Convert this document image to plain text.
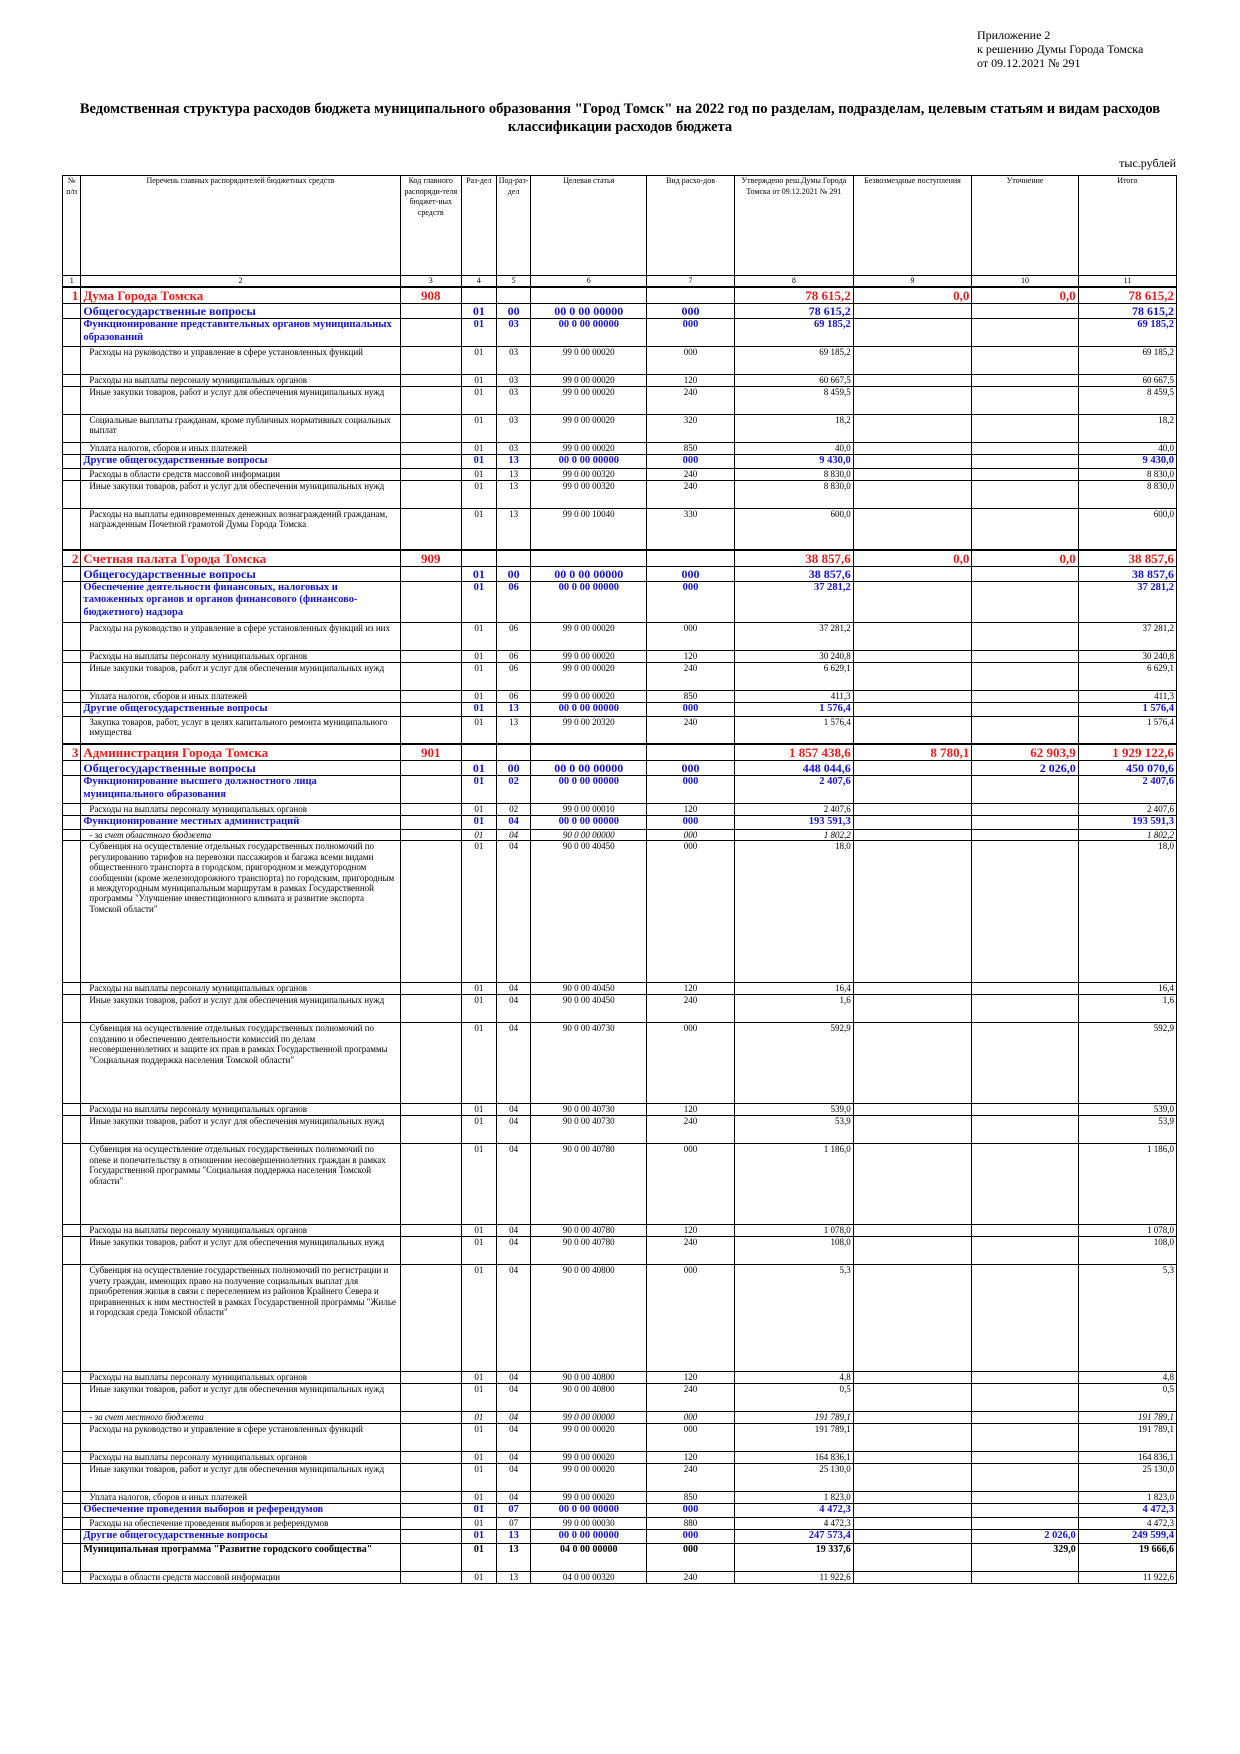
Приложение 2
к решению Думы Города Томска
от 09.12.2021 № 291
Ведомственная структура расходов бюджета муниципального образования "Город Томск" на 2022 год по разделам, подразделам, целевым статьям и видам расходов классификации расходов бюджета
тыс.рублей
№ п/п	Перечень главных распорядителей бюджетных средств	Код главного распоряди-теля бюджет-ных средств	Раз-дел	Под-раз-дел	Целевая статья	Вид расхо-дов	Утверждено реш.Думы Города Томска от 09.12.2021 № 291	Безвозмездные поступления	Уточнение	Итого
1	2	3	4	5	6	7	8	9	10	11
1	Дума Города Томска	908					78 615,2	0,0	0,0	78 615,2
	Общегосударственные вопросы		01	00	00 0 00 00000	000	78 615,2			78 615,2
	Функционирование представительных органов муниципальных образований		01	03	00 0 00 00000	000	69 185,2			69 185,2
	Расходы на руководство и управление в сфере установленных функций		01	03	99 0 00 00020	000	69 185,2			69 185,2
	Расходы на выплаты персоналу муниципальных органов		01	03	99 0 00 00020	120	60 667,5			60 667,5
	Иные закупки товаров, работ и услуг для обеспечения муниципальных нужд		01	03	99 0 00 00020	240	8 459,5			8 459,5
	Социальные выплаты гражданам, кроме публичных нормативных социальных выплат		01	03	99 0 00 00020	320	18,2			18,2
	Уплата налогов, сборов и иных платежей		01	03	99 0 00 00020	850	40,0			40,0
	Другие общегосударственные вопросы		01	13	00 0 00 00000	000	9 430,0			9 430,0
	Расходы в области средств массовой информации		01	13	99 0 00 00320	240	8 830,0			8 830,0
	Иные закупки товаров, работ и услуг для обеспечения муниципальных нужд		01	13	99 0 00 00320	240	8 830,0			8 830,0
	Расходы на выплаты единовременных денежных вознаграждений гражданам, награжденным Почетной грамотой Думы Города Томска		01	13	99 0 00 10040	330	600,0			600,0
2	Счетная палата Города Томска	909					38 857,6	0,0	0,0	38 857,6
	Общегосударственные вопросы		01	00	00 0 00 00000	000	38 857,6			38 857,6
	Обеспечение деятельности финансовых, налоговых и таможенных органов и органов финансового (финансово-бюджетного) надзора		01	06	00 0 00 00000	000	37 281,2			37 281,2
	Расходы на руководство и управление в сфере установленных функций из них		01	06	99 0 00 00020	000	37 281,2			37 281,2
	Расходы на выплаты персоналу муниципальных органов		01	06	99 0 00 00020	120	30 240,8			30 240,8
	Иные закупки товаров, работ и услуг для обеспечения муниципальных нужд		01	06	99 0 00 00020	240	6 629,1			6 629,1
	Уплата налогов, сборов и иных платежей		01	06	99 0 00 00020	850	411,3			411,3
	Другие общегосударственные вопросы		01	13	00 0 00 00000	000	1 576,4			1 576,4
	Закупка товаров, работ, услуг в целях капитального ремонта муниципального имущества		01	13	99 0 00 20320	240	1 576,4			1 576,4
3	Администрация Города Томска	901					1 857 438,6	8 780,1	62 903,9	1 929 122,6
	Общегосударственные вопросы		01	00	00 0 00 00000	000	448 044,6		2 026,0	450 070,6
	Функционирование высшего должностного лица муниципального образования		01	02	00 0 00 00000	000	2 407,6			2 407,6
	Расходы на выплаты персоналу муниципальных органов		01	02	99 0 00 00010	120	2 407,6			2 407,6
	Функционирование местных администраций		01	04	00 0 00 00000	000	193 591,3			193 591,3
	- за счет областного бюджета		01	04	90 0 00 00000	000	1 802,2			1 802,2
	Субвенция на осуществление отдельных государственных полномочий по регулированию тарифов на перевозки пассажиров и багажа всеми видами общественного транспорта в городском, пригородном и междугородном сообщении (кроме железнодорожного транспорта) по городским, пригородным и междугородным муниципальным маршрутам в рамках Государственной программы "Улучшение инвестиционного климата и развитие экспорта Томской области"		01	04	90 0 00 40450	000	18,0			18,0
	Расходы на выплаты персоналу муниципальных органов		01	04	90 0 00 40450	120	16,4			16,4
	Иные закупки товаров, работ и услуг для обеспечения муниципальных нужд		01	04	90 0 00 40450	240	1,6			1,6
	Субвенция на осуществление отдельных государственных полномочий по созданию и обеспечению деятельности комиссий по делам несовершеннолетних и защите их прав в рамках Государственной программы "Социальная поддержка населения Томской области"		01	04	90 0 00 40730	000	592,9			592,9
	Расходы на выплаты персоналу муниципальных органов		01	04	90 0 00 40730	120	539,0			539,0
	Иные закупки товаров, работ и услуг для обеспечения муниципальных нужд		01	04	90 0 00 40730	240	53,9			53,9
	Субвенция на осуществление отдельных государственных полномочий по опеке и попечительству в отношении несовершеннолетних граждан в рамках Государственной программы "Социальная поддержка населения Томской области"		01	04	90 0 00 40780	000	1 186,0			1 186,0
	Расходы на выплаты персоналу муниципальных органов		01	04	90 0 00 40780	120	1 078,0			1 078,0
	Иные закупки товаров, работ и услуг для обеспечения муниципальных нужд		01	04	90 0 00 40780	240	108,0			108,0
	Субвенция на осуществление государственных полномочий по регистрации и учету граждан, имеющих право на получение социальных выплат для приобретения жилья в связи с переселением из районов Крайнего Севера и приравненных к ним местностей в рамках Государственной программы "Жилье и городская среда Томской области"		01	04	90 0 00 40800	000	5,3			5,3
	Расходы на выплаты персоналу муниципальных органов		01	04	90 0 00 40800	120	4,8			4,8
	Иные закупки товаров, работ и услуг для обеспечения муниципальных нужд		01	04	90 0 00 40800	240	0,5			0,5
	- за счет местного бюджета		01	04	99 0 00 00000	000	191 789,1			191 789,1
	Расходы на руководство и управление в сфере установленных функций		01	04	99 0 00 00020	000	191 789,1			191 789,1
	Расходы на выплаты персоналу муниципальных органов		01	04	99 0 00 00020	120	164 836,1			164 836,1
	Иные закупки товаров, работ и услуг для обеспечения муниципальных нужд		01	04	99 0 00 00020	240	25 130,0			25 130,0
	Уплата налогов, сборов и иных платежей		01	04	99 0 00 00020	850	1 823,0			1 823,0
	Обеспечение проведения выборов и референдумов		01	07	00 0 00 00000	000	4 472,3			4 472,3
	Расходы на обеспечение проведения выборов и референдумов		01	07	99 0 00 00030	880	4 472,3			4 472,3
	Другие общегосударственные вопросы		01	13	00 0 00 00000	000	247 573,4		2 026,0	249 599,4
	Муниципальная программа "Развитие городского сообщества"		01	13	04 0 00 00000	000	19 337,6		329,0	19 666,6
	Расходы в области средств массовой информации		01	13	04 0 00 00320	240	11 922,6			11 922,6
